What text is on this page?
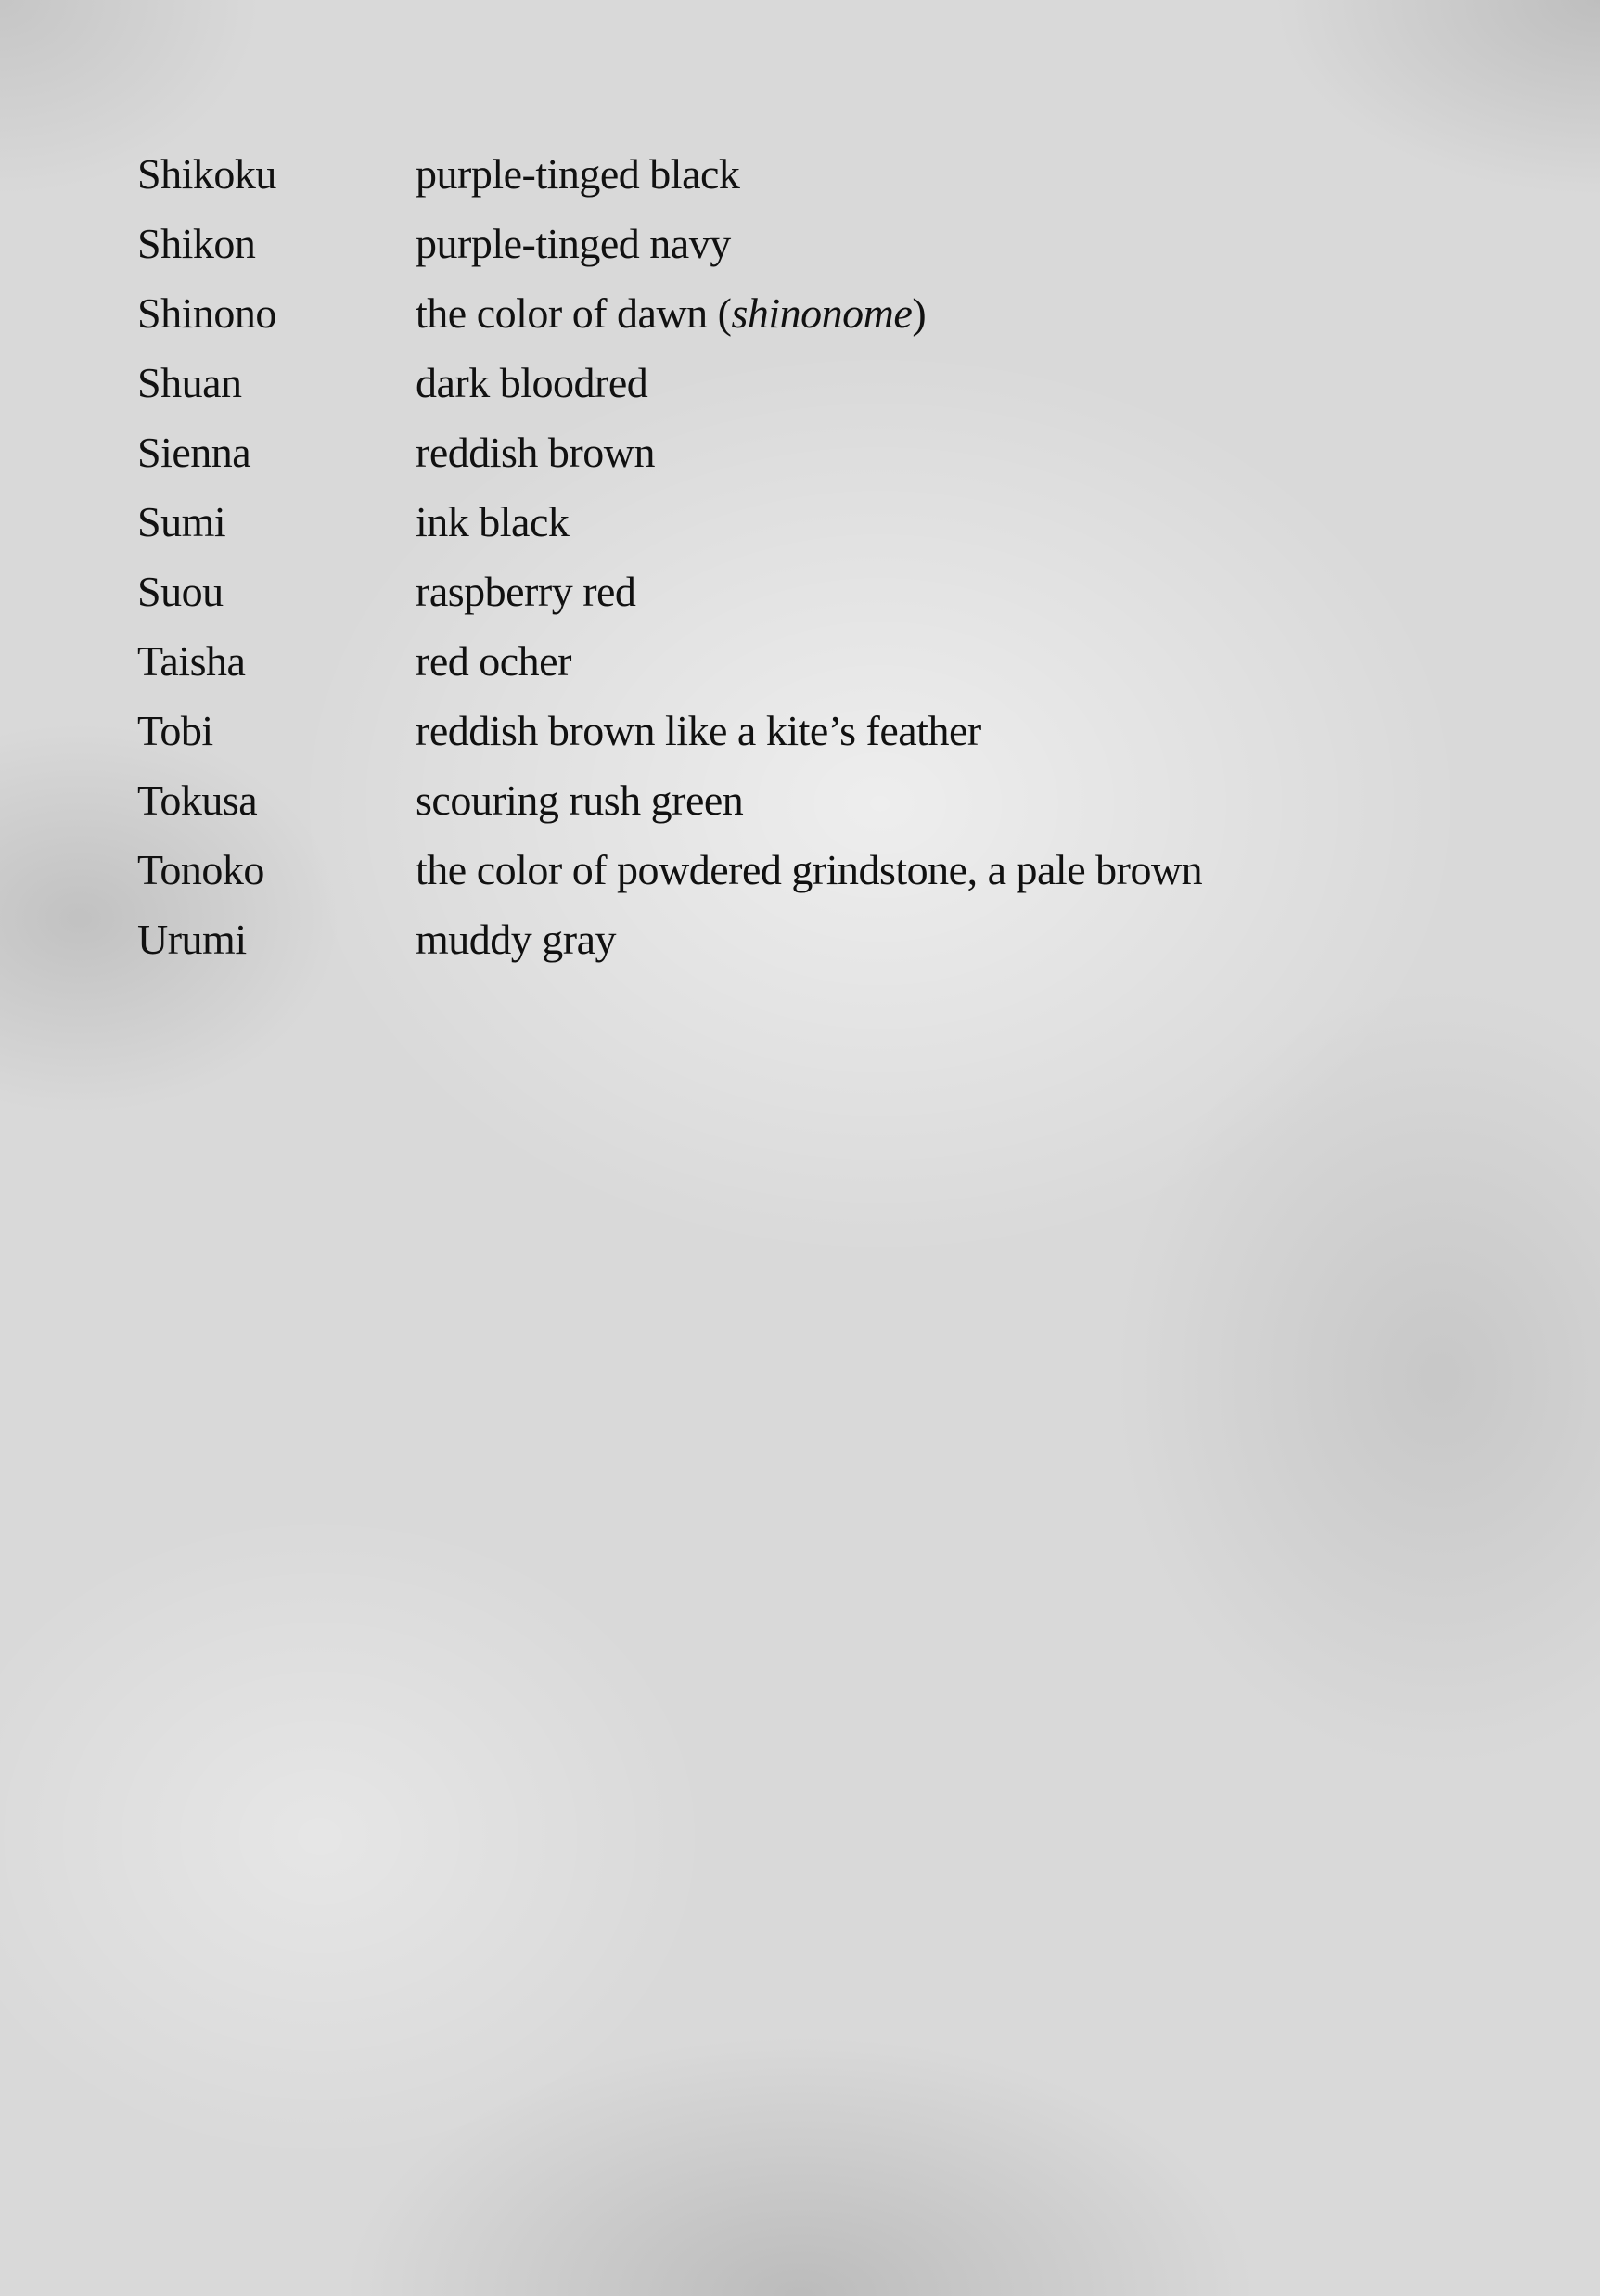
Shikoku	purple-tinged black
Shikon	purple-tinged navy
Shinono	the color of dawn (shinonome)
Shuan	dark bloodred
Sienna	reddish brown
Sumi	ink black
Suou	raspberry red
Taisha	red ocher
Tobi	reddish brown like a kite’s feather
Tokusa	scouring rush green
Tonoko	the color of powdered grindstone, a pale brown
Urumi	muddy gray
